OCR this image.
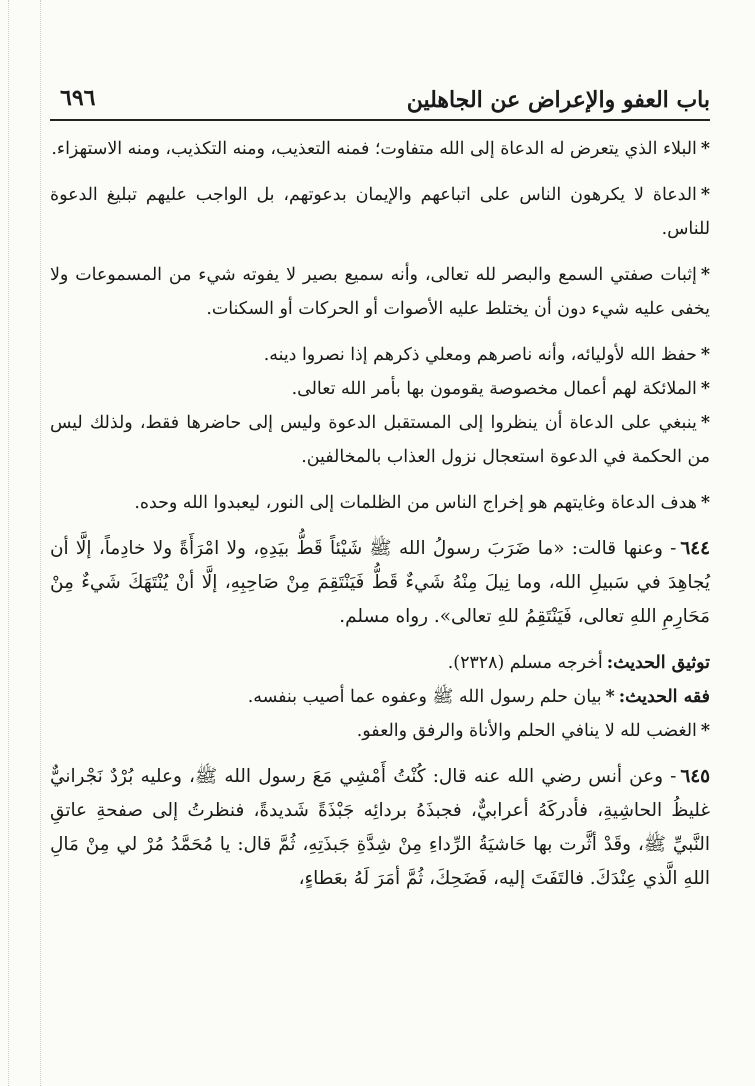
باب العفو والإعراض عن الجاهلين
٦٩٦

*البلاء الذي يتعرض له الدعاة إلى الله متفاوت؛ فمنه التعذيب، ومنه التكذيب، ومنه الاستهزاء.

*الدعاة لا يكرهون الناس على اتباعهم والإيمان بدعوتهم، بل الواجب عليهم تبليغ الدعوة للناس.

*إثبات صفتي السمع والبصر لله تعالى، وأنه سميع بصير لا يفوته شيء من المسموعات ولا يخفى عليه شيء دون أن يختلط عليه الأصوات أو الحركات أو السكنات.

*حفظ الله لأوليائه، وأنه ناصرهم ومعلي ذكرهم إذا نصروا دينه.

*الملائكة لهم أعمال مخصوصة يقومون بها بأمر الله تعالى.

*ينبغي على الدعاة أن ينظروا إلى المستقبل الدعوة وليس إلى حاضرها فقط، ولذلك ليس من الحكمة في الدعوة استعجال نزول العذاب بالمخالفين.

*هدف الدعاة وغايتهم هو إخراج الناس من الظلمات إلى النور، ليعبدوا الله وحده.

٦٤٤- وعنها قالت: «ما ضَرَبَ رسولُ الله ﷺ شَيْئاً قَطُّ بيَدِهِ، ولا امْرَأَةً ولا خادِماً، إلَّا أن يُجاهِدَ في سَبيلِ الله، وما نِيلَ مِنْهُ شَيءٌ قَطُّ فَيَنْتَقِمَ مِنْ صَاحِبِهِ، إلَّا أنْ يُنْتَهَكَ شَيءٌ مِنْ مَحَارِمِ اللهِ تعالى، فَيَنْتَقِمُ للهِ تعالى». رواه مسلم.

توثيق الحديث:أخرجه مسلم (٢٣٢٨).

فقه الحديث:*بيان حلم رسول الله ﷺ وعفوه عما أصيب بنفسه.

*الغضب لله لا ينافي الحلم والأناة والرفق والعفو.

٦٤٥- وعن أنس رضي الله عنه قال: كُنْتُ أَمْشِي مَعَ رسول الله ﷺ، وعليه بُرْدٌ نَجْرانيٌّ غليظُ الحاشِيةِ، فأدركَهُ أعرابيٌّ، فجبذَهُ بردائِه جَبْذَةً شَديدةً، فنظرتُ إلى صفحةِ عاتقِ النَّبيِّ ﷺ، وقَدْ أثَّرت بها حَاشيَةُ الرِّداءِ مِنْ شِدَّةِ جَبذَتِهِ، ثُمَّ قال: يا مُحَمَّدُ مُرْ لي مِنْ مَالِ اللهِ الَّذي عِنْدَكَ. فالتَفَتَ إليه، فَضَحِكَ، ثُمَّ أمَرَ لَهُ بعَطاءٍ،
